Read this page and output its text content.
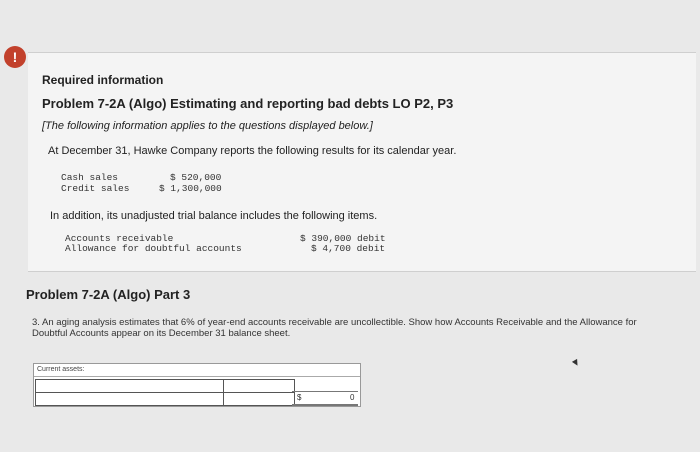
!
Required information
Problem 7-2A (Algo) Estimating and reporting bad debts LO P2, P3
[The following information applies to the questions displayed below.]
At December 31, Hawke Company reports the following results for its calendar year.
Cash sales	$ 520,000
Credit sales	$ 1,300,000
In addition, its unadjusted trial balance includes the following items.
Accounts receivable	$ 390,000 debit
Allowance for doubtful accounts	$ 4,700 debit
Problem 7-2A (Algo) Part 3
3. An aging analysis estimates that 6% of year-end accounts receivable are uncollectible. Show how Accounts Receivable and the Allowance for Doubtful Accounts appear on its December 31 balance sheet.
Current assets:
$	0
